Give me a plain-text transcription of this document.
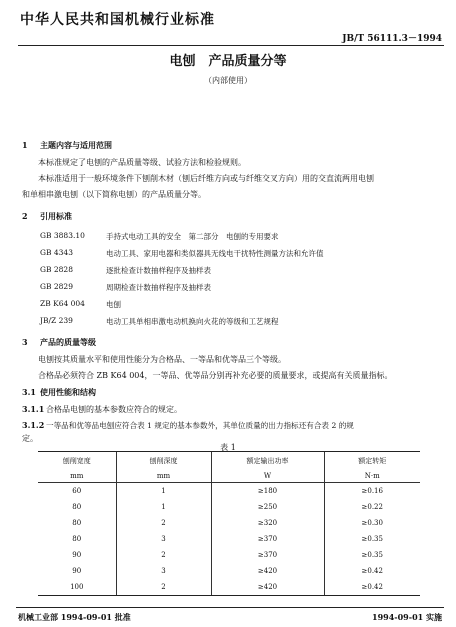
中华人民共和国机械行业标准
JB/T 56111.3－1994
电刨　产品质量分等
（内部使用）
1 主题内容与适用范围
本标准规定了电刨的产品质量等级、试验方法和检验规则。
本标准适用于一般环境条件下刨削木材（刨后纤维方向或与纤维交叉方向）用的交直流两用电刨
和单相串激电刨（以下简称电刨）的产品质量分等。
2 引用标准
GB 3883.10	手持式电动工具的安全　第二部分　电刨的专用要求
GB 4343	电动工具、家用电器和类似器具无线电干扰特性测量方法和允许值
GB 2828	逐批检查计数抽样程序及抽样表
GB 2829	周期检查计数抽样程序及抽样表
ZB K64 004	电刨
JB/Z 239	电动工具单相串激电动机换向火花的等级和工艺规程
3 产品的质量等级
电刨按其质量水平和使用性能分为合格品、一等品和优等品三个等级。
合格品必须符合 ZB K64 004，一等品、优等品分别再补充必要的质量要求，或提高有关质量指标。
3.1 使用性能和结构
3.1.1 合格品电刨的基本参数应符合的规定。
3.1.2 一等品和优等品电刨应符合表 1 规定的基本参数外，其单位质量的出力指标还有合表 2 的规
定。
表 1
刨削宽度	刨削深度	额定输出功率	额定转矩
mm	mm	W	N·m
60	1	≥180	≥0.16
80	1	≥250	≥0.22
80	2	≥320	≥0.30
80	3	≥370	≥0.35
90	2	≥370	≥0.35
90	3	≥420	≥0.42
100	2	≥420	≥0.42
机械工业部 1994-09-01 批准	1994-09-01 实施
